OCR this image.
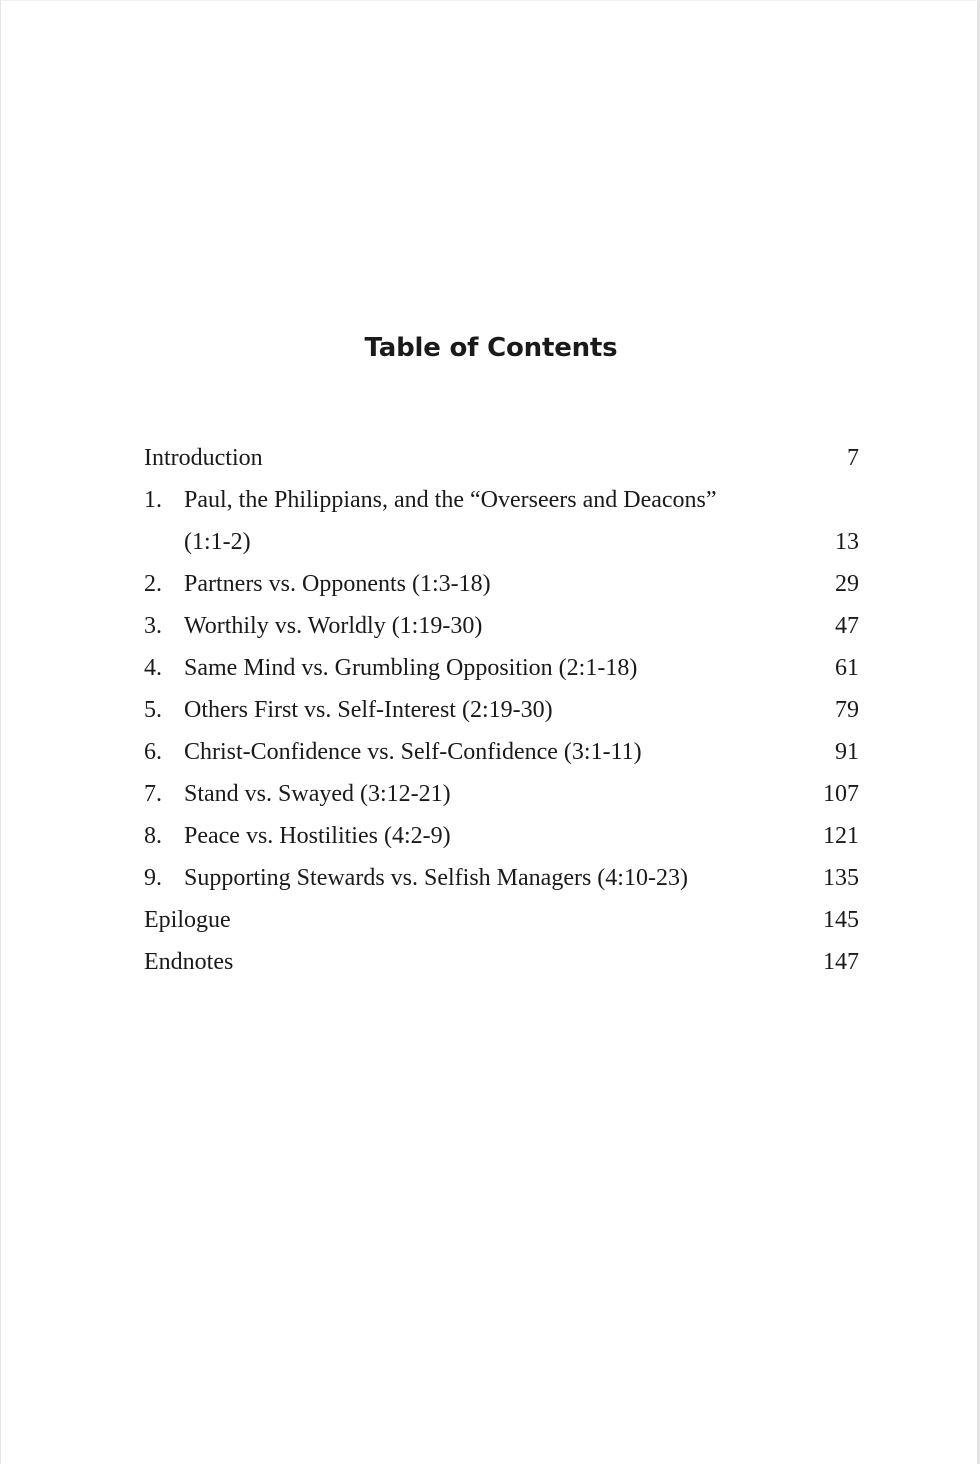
Table of Contents
Introduction	7
1. Paul, the Philippians, and the “Overseers and Deacons”
(1:1-2)	13
2. Partners vs. Opponents (1:3-18)	29
3. Worthily vs. Worldly (1:19-30)	47
4. Same Mind vs. Grumbling Opposition (2:1-18)	61
5. Others First vs. Self-Interest (2:19-30)	79
6. Christ-Confidence vs. Self-Confidence (3:1-11)	91
7. Stand vs. Swayed (3:12-21)	107
8. Peace vs. Hostilities (4:2-9)	121
9. Supporting Stewards vs. Selfish Managers (4:10-23)	135
Epilogue	145
Endnotes	147
